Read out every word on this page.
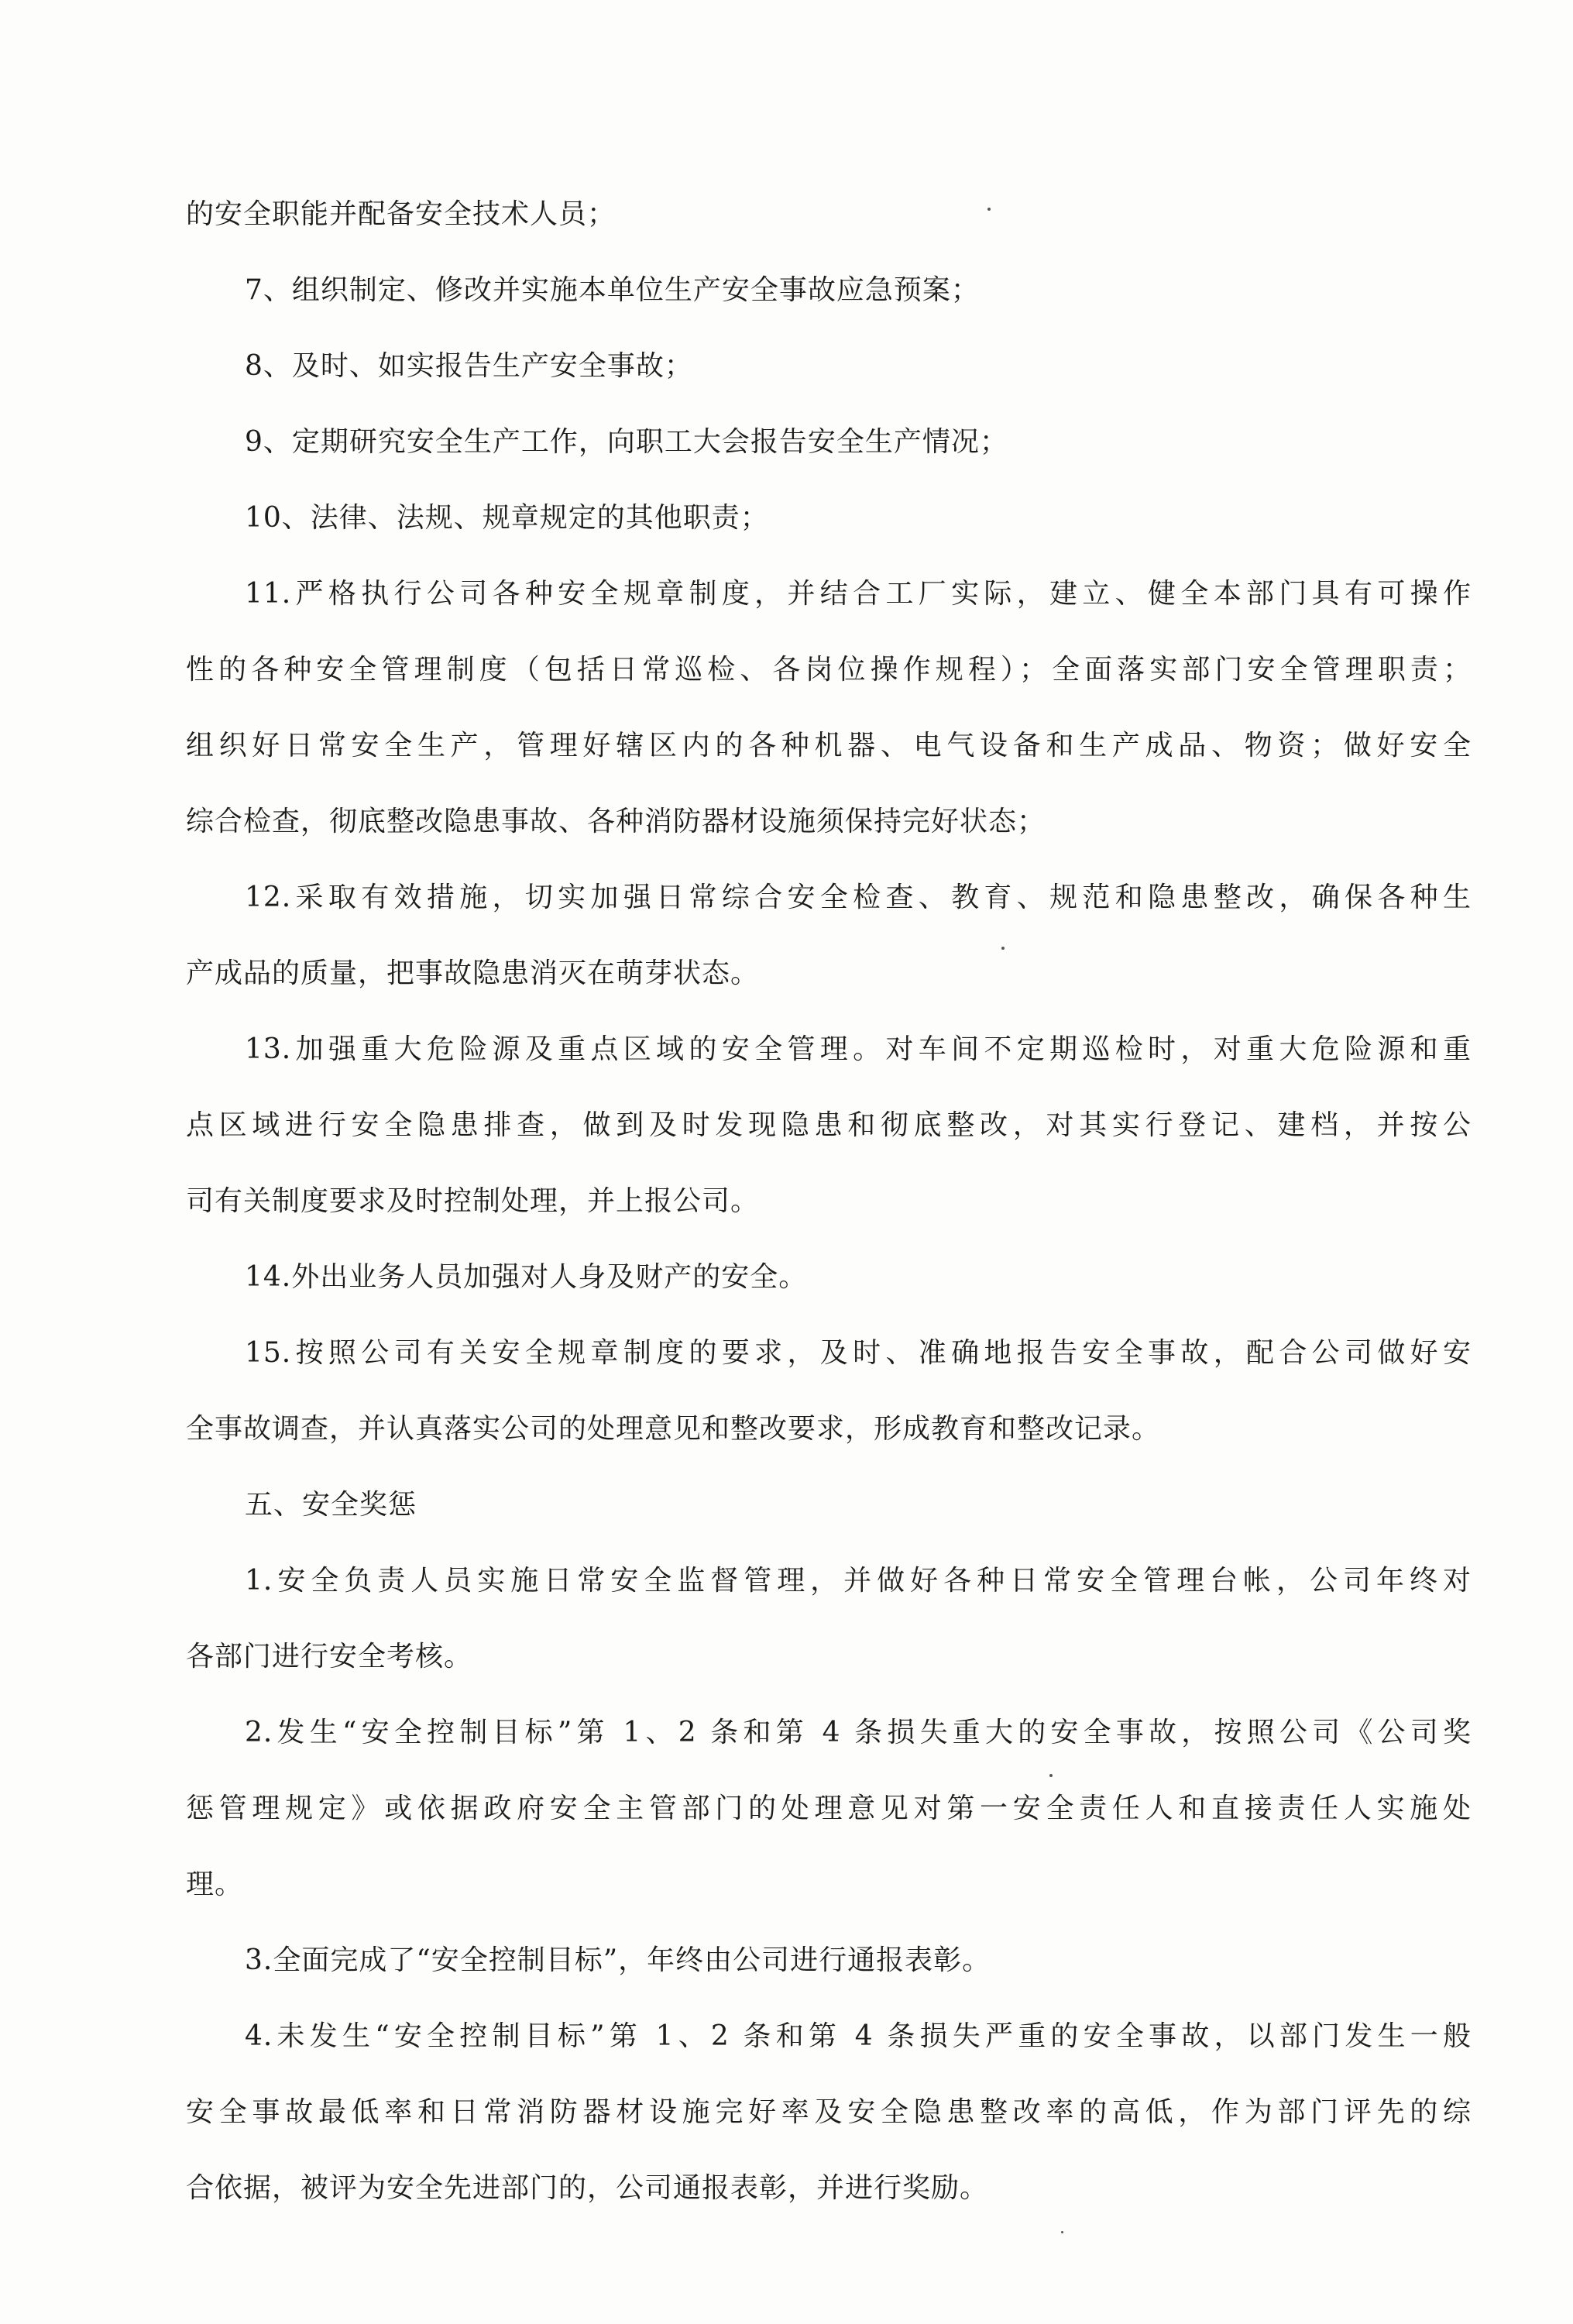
的安全职能并配备安全技术人员；
7、组织制定、修改并实施本单位生产安全事故应急预案；
8、及时、如实报告生产安全事故；
9、定期研究安全生产工作，向职工大会报告安全生产情况；
10、法律、法规、规章规定的其他职责；
11.严格执行公司各种安全规章制度，并结合工厂实际，建立、健全本部门具有可操作
性的各种安全管理制度（包括日常巡检、各岗位操作规程）；全面落实部门安全管理职责；
组织好日常安全生产，管理好辖区内的各种机器、电气设备和生产成品、物资；做好安全
综合检查，彻底整改隐患事故、各种消防器材设施须保持完好状态；
12.采取有效措施，切实加强日常综合安全检查、教育、规范和隐患整改，确保各种生
产成品的质量，把事故隐患消灭在萌芽状态。
13.加强重大危险源及重点区域的安全管理。对车间不定期巡检时，对重大危险源和重
点区域进行安全隐患排查，做到及时发现隐患和彻底整改，对其实行登记、建档，并按公
司有关制度要求及时控制处理，并上报公司。
14.外出业务人员加强对人身及财产的安全。
15.按照公司有关安全规章制度的要求，及时、准确地报告安全事故，配合公司做好安
全事故调查，并认真落实公司的处理意见和整改要求，形成教育和整改记录。
五、安全奖惩
1.安全负责人员实施日常安全监督管理，并做好各种日常安全管理台帐，公司年终对
各部门进行安全考核。
2.发生“安全控制目标”第 1、2 条和第 4 条损失重大的安全事故，按照公司《公司奖
惩管理规定》或依据政府安全主管部门的处理意见对第一安全责任人和直接责任人实施处
理。
3.全面完成了“安全控制目标”，年终由公司进行通报表彰。
4.未发生“安全控制目标”第 1、2 条和第 4 条损失严重的安全事故，以部门发生一般
安全事故最低率和日常消防器材设施完好率及安全隐患整改率的高低，作为部门评先的综
合依据，被评为安全先进部门的，公司通报表彰，并进行奖励。
